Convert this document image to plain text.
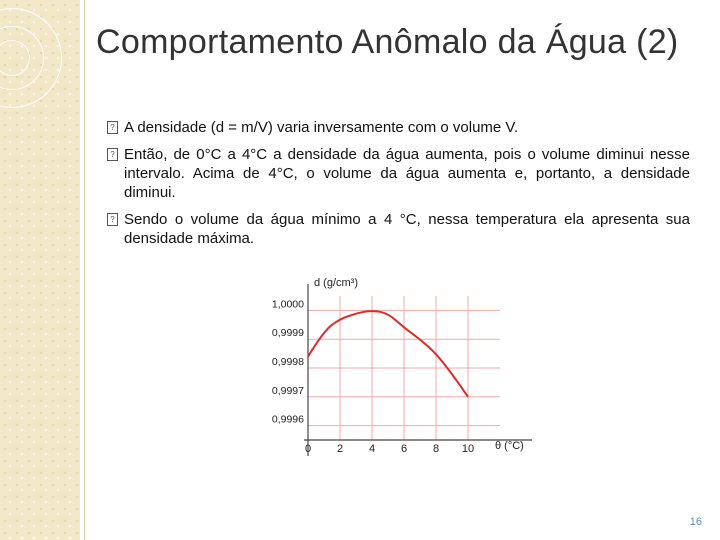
Comportamento Anômalo da Água (2)
? A densidade (d = m/V) varia inversamente com o volume V.
? Então, de 0°C a 4°C a densidade da água aumenta, pois o volume diminui nesse intervalo. Acima de 4°C, o volume da água aumenta e, portanto, a densidade diminui.
? Sendo o volume da água mínimo a 4 °C, nessa temperatura ela apresenta sua densidade máxima.
0 2 4 6 8 10
1,0000
0,9999
0,9998
0,9997
0,9996
d (g/cm³)
θ (°C)
16
